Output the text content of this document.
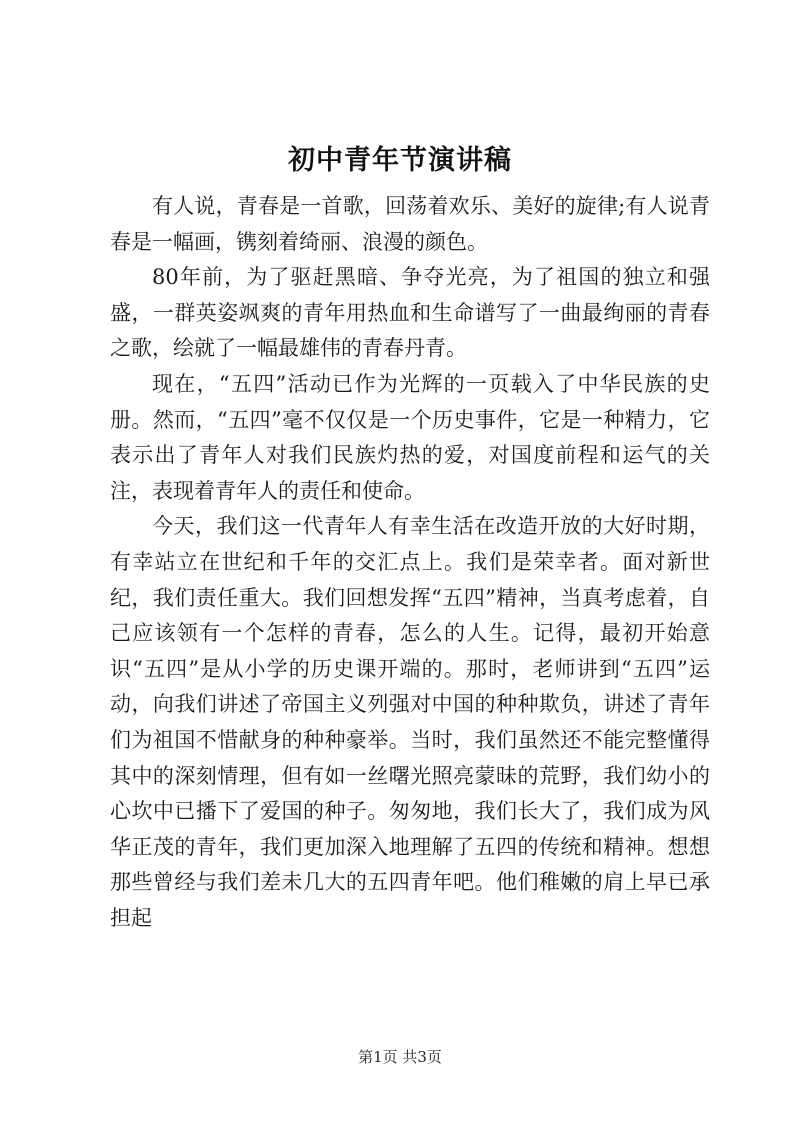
初中青年节演讲稿

有人说，青春是一首歌，回荡着欢乐、美好的旋律;有人说青春是一幅画，镌刻着绮丽、浪漫的颜色。

80年前，为了驱赶黑暗、争夺光亮，为了祖国的独立和强盛，一群英姿飒爽的青年用热血和生命谱写了一曲最绚丽的青春之歌，绘就了一幅最雄伟的青春丹青。

现在，“五四”活动已作为光辉的一页载入了中华民族的史册。然而，“五四”毫不仅仅是一个历史事件，它是一种精力，它表示出了青年人对我们民族灼热的爱，对国度前程和运气的关注，表现着青年人的责任和使命。

今天，我们这一代青年人有幸生活在改造开放的大好时期，有幸站立在世纪和千年的交汇点上。我们是荣幸者。面对新世纪，我们责任重大。我们回想发挥“五四”精神，当真考虑着，自己应该领有一个怎样的青春，怎么的人生。记得，最初开始意识“五四”是从小学的历史课开端的。那时，老师讲到“五四”运动，向我们讲述了帝国主义列强对中国的种种欺负，讲述了青年们为祖国不惜献身的种种豪举。当时，我们虽然还不能完整懂得其中的深刻情理，但有如一丝曙光照亮蒙昧的荒野，我们幼小的心坎中已播下了爱国的种子。匆匆地，我们长大了，我们成为风华正茂的青年，我们更加深入地理解了五四的传统和精神。想想那些曾经与我们差未几大的五四青年吧。他们稚嫩的肩上早已承担起

第1页 共3页
